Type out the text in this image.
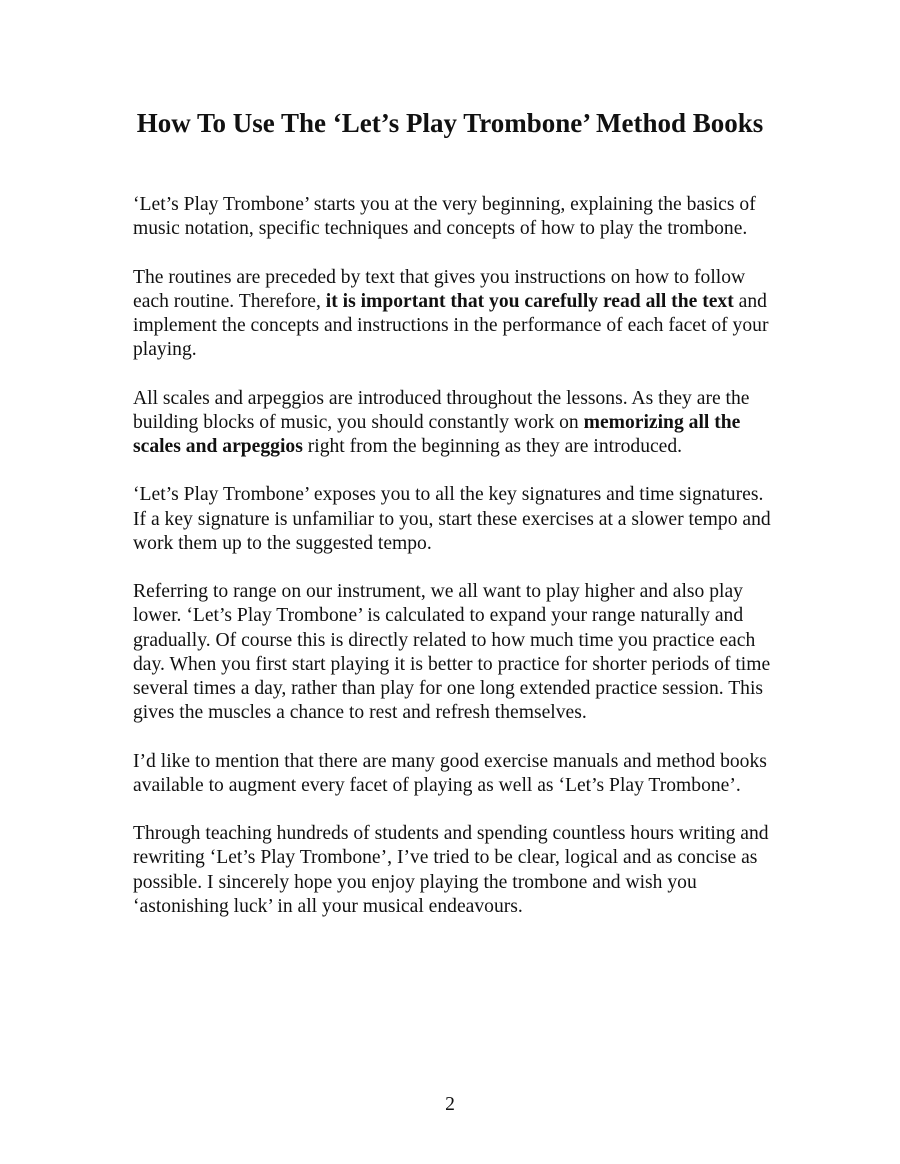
How To Use The ‘Let’s Play Trombone’ Method Books

‘Let’s Play Trombone’ starts you at the very beginning, explaining the basics of music notation, specific techniques and concepts of how to play the trombone.

The routines are preceded by text that gives you instructions on how to follow each routine. Therefore, it is important that you carefully read all the text and implement the concepts and instructions in the performance of each facet of your playing.

All scales and arpeggios are introduced throughout the lessons. As they are the building blocks of music, you should constantly work on memorizing all the scales and arpeggios right from the beginning as they are introduced.

‘Let’s Play Trombone’ exposes you to all the key signatures and time signatures. If a key signature is unfamiliar to you, start these exercises at a slower tempo and work them up to the suggested tempo.

Referring to range on our instrument, we all want to play higher and also play lower. ‘Let’s Play Trombone’ is calculated to expand your range naturally and gradually. Of course this is directly related to how much time you practice each day. When you first start playing it is better to practice for shorter periods of time several times a day, rather than play for one long extended practice session. This gives the muscles a chance to rest and refresh themselves.

I’d like to mention that there are many good exercise manuals and method books available to augment every facet of playing as well as ‘Let’s Play Trombone’.

Through teaching hundreds of students and spending countless hours writing and rewriting ‘Let’s Play Trombone’, I’ve tried to be clear, logical and as concise as possible. I sincerely hope you enjoy playing the trombone and wish you ‘astonishing luck’ in all your musical endeavours.

2
